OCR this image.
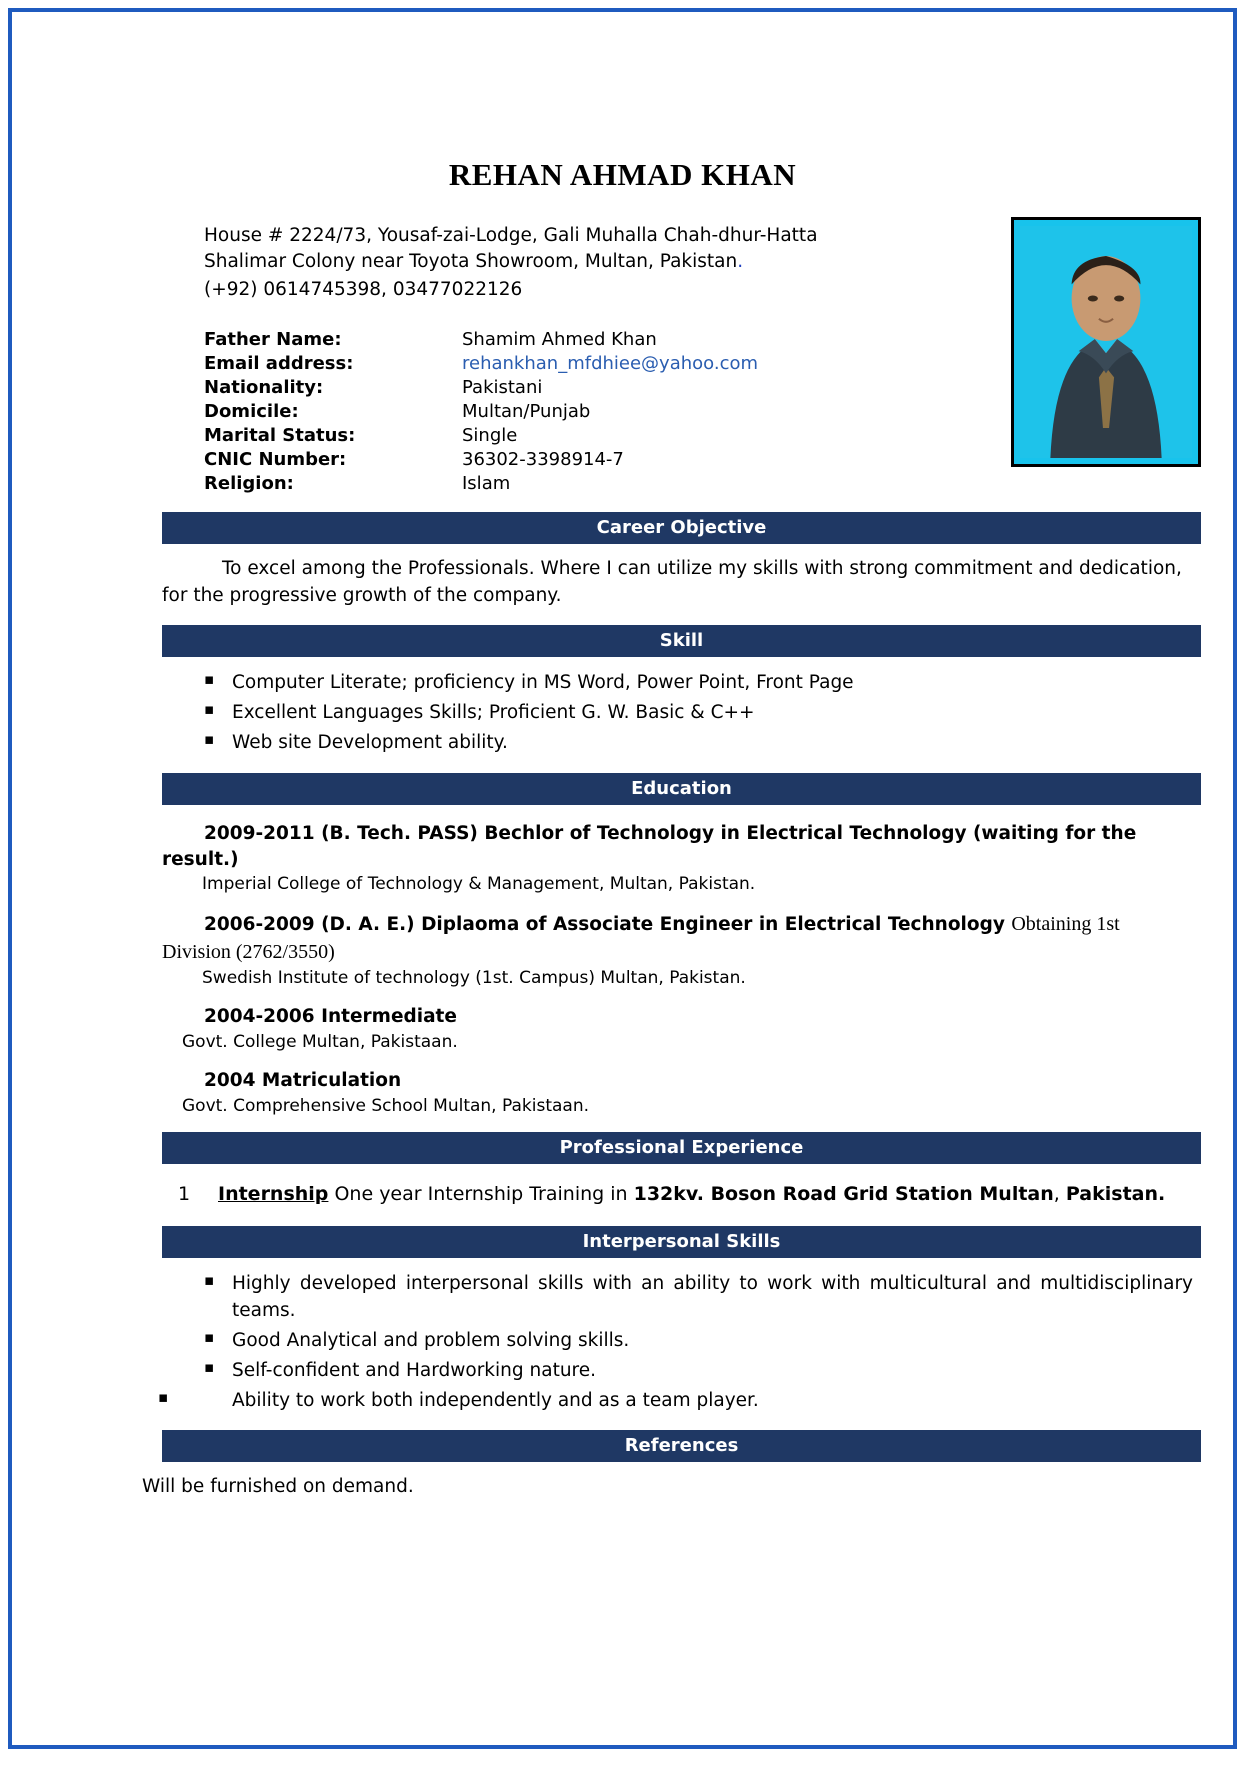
REHAN AHMAD KHAN
House # 2224/73, Yousaf-zai-Lodge, Gali Muhalla Chah-dhur-Hatta
Shalimar Colony near Toyota Showroom, Multan, Pakistan.
(+92) 0614745398, 03477022126
Father Name:	Shamim Ahmed Khan
Email address:	rehankhan_mfdhiee@yahoo.com
Nationality:	Pakistani
Domicile:	Multan/Punjab
Marital Status:	Single
CNIC Number:	36302-3398914-7
Religion:	Islam
Career Objective
To excel among the Professionals. Where I can utilize my skills with strong commitment and dedication, for the progressive growth of the company.
Skill
▪ Computer Literate; proficiency in MS Word, Power Point, Front Page
▪ Excellent Languages Skills; Proficient G. W. Basic & C++
▪ Web site Development ability.
Education
2009-2011 (B. Tech. PASS) Bechlor of Technology in Electrical Technology (waiting for the result.)
Imperial College of Technology & Management, Multan, Pakistan.
2006-2009 (D. A. E.) Diplaoma of Associate Engineer in Electrical Technology Obtaining 1st Division (2762/3550)
Swedish Institute of technology (1st. Campus) Multan, Pakistan.
2004-2006 Intermediate
Govt. College Multan, Pakistaan.
2004 Matriculation
Govt. Comprehensive School Multan, Pakistaan.
Professional Experience
1 Internship One year Internship Training in 132kv. Boson Road Grid Station Multan, Pakistan.
Interpersonal Skills
▪ Highly developed interpersonal skills with an ability to work with multicultural and multidisciplinary teams.
▪ Good Analytical and problem solving skills.
▪ Self-confident and Hardworking nature.
▪ Ability to work both independently and as a team player.
References
Will be furnished on demand.
